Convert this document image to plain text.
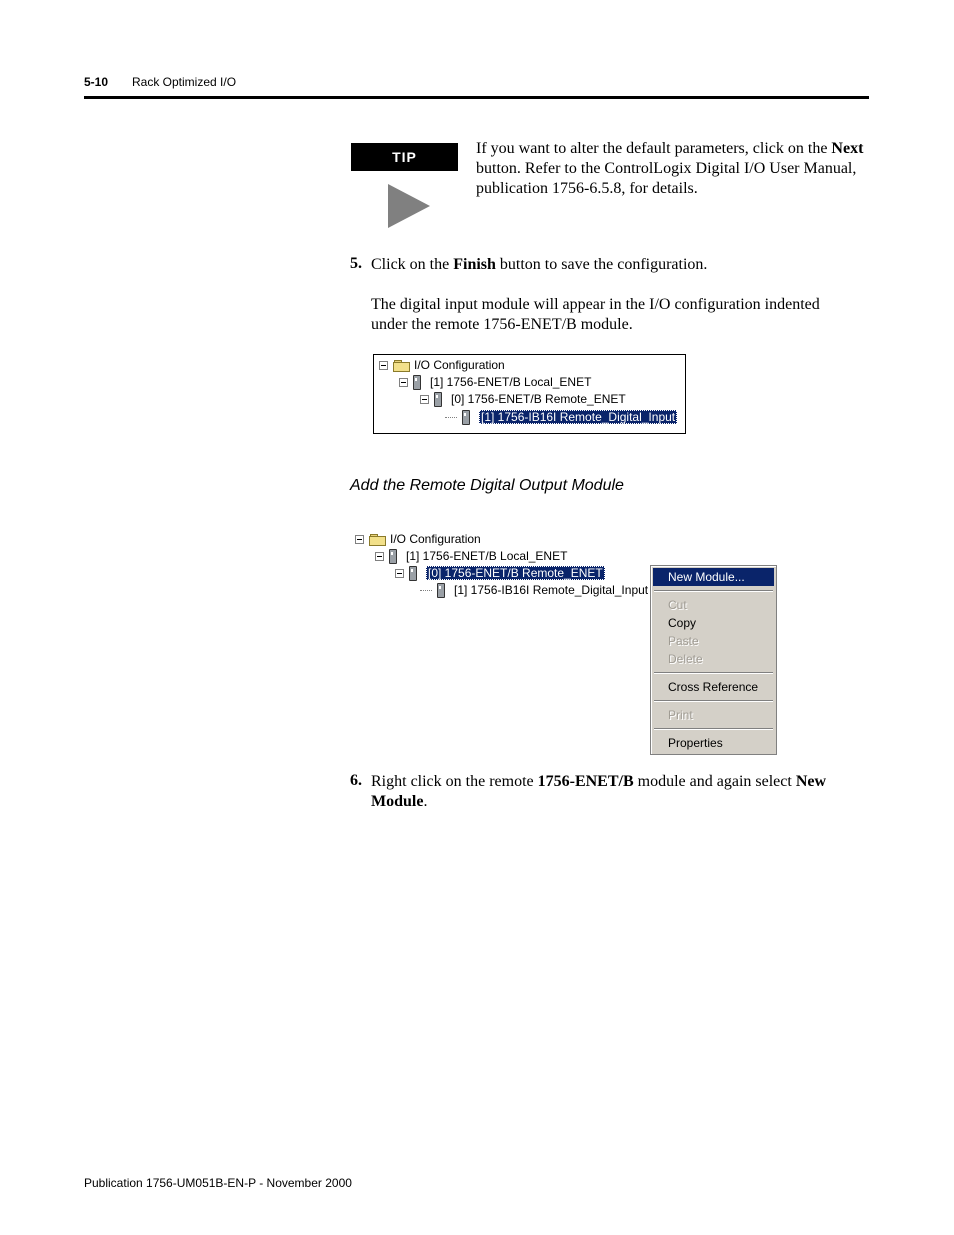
5-10 Rack Optimized I/O
TIP	If you want to alter the default parameters, click on the Next button. Refer to the ControlLogix Digital I/O User Manual, publication 1756-6.5.8, for details.
5. Click on the Finish button to save the configuration.
The digital input module will appear in the I/O configuration indented under the remote 1756-ENET/B module.
I/O Configuration
[1] 1756-ENET/B Local_ENET
[0] 1756-ENET/B Remote_ENET
[1] 1756-IB16I Remote_Digital_Input
Add the Remote Digital Output Module
I/O Configuration
[1] 1756-ENET/B Local_ENET
[0] 1756-ENET/B Remote_ENET
[1] 1756-IB16I Remote_Digital_Input
New Module...
Cut
Copy
Paste
Delete
Cross Reference
Print
Properties
6. Right click on the remote 1756-ENET/B module and again select New Module.
Publication 1756-UM051B-EN-P - November 2000
